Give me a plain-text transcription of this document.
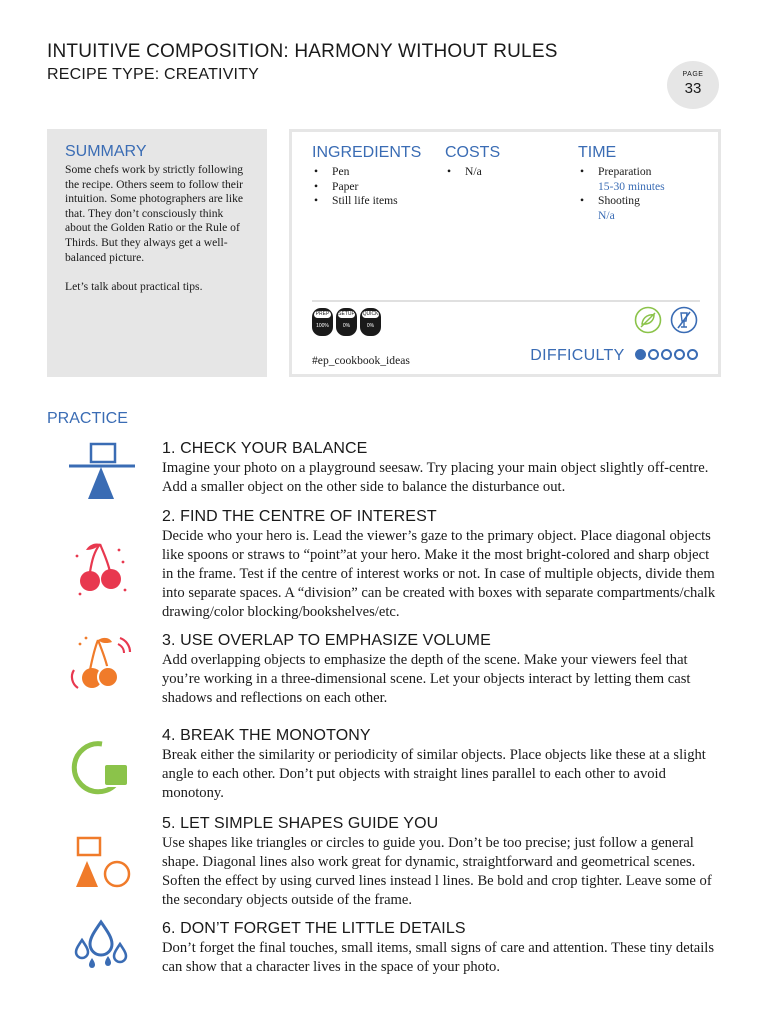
INTUITIVE COMPOSITION: HARMONY WITHOUT RULES
RECIPE TYPE: CREATIVITY	PAGE
33
SUMMARY

Some chefs work by strictly following the recipe. Others seem to follow their intuition. Some photographers are like that. They don’t consciously think about the Golden Ratio or the Rule of Thirds. But they always get a well-balanced picture.

Let’s talk about practical tips.

INGREDIENTS
• Pen
• Paper
• Still life items
COSTS
• N/a
TIME
• Preparation
15-30 minutes
• Shooting
N/a
PREP
100%
SETUP
0%
QUICK
0%
#ep_cookbook_ideas	DIFFICULTY
PRACTICE
1. CHECK YOUR BALANCE
Imagine your photo on a playground seesaw. Try placing your main object slightly off-centre. Add a smaller object on the other side to balance the disturbance out.
2. FIND THE CENTRE OF INTEREST
Decide who your hero is. Lead the viewer’s gaze to the primary object. Place diagonal objects like spoons or straws to “point”at your hero. Make it the most bright-colored and sharp object in the frame. Test if the centre of interest works or not. In case of multiple objects, divide them into separate spaces. A “division” can be created with boxes with separate compartments/chalk drawing/color blocking/bookshelves/etc.
3. USE OVERLAP TO EMPHASIZE VOLUME
Add overlapping objects to emphasize the depth of the scene. Make your viewers feel that you’re working in a three-dimensional scene. Let your objects interact by letting them cast shadows and reflections on each other.
4. BREAK THE MONOTONY
Break either the similarity or periodicity of similar objects. Place objects like these at a slight angle to each other. Don’t put objects with straight lines parallel to each other to avoid monotony.
5. LET SIMPLE SHAPES GUIDE YOU
Use shapes like triangles or circles to guide you. Don’t be too precise; just follow a general shape. Diagonal lines also work great for dynamic, straightforward and geometrical scenes. Soften the effect by using curved lines instead l lines. Be bold and crop tighter. Leave some of the secondary objects outside of the frame.
6. DON’T FORGET THE LITTLE DETAILS
Don’t forget the final touches, small items, small signs of care and attention. These tiny details can show that a character lives in the space of your photo.
